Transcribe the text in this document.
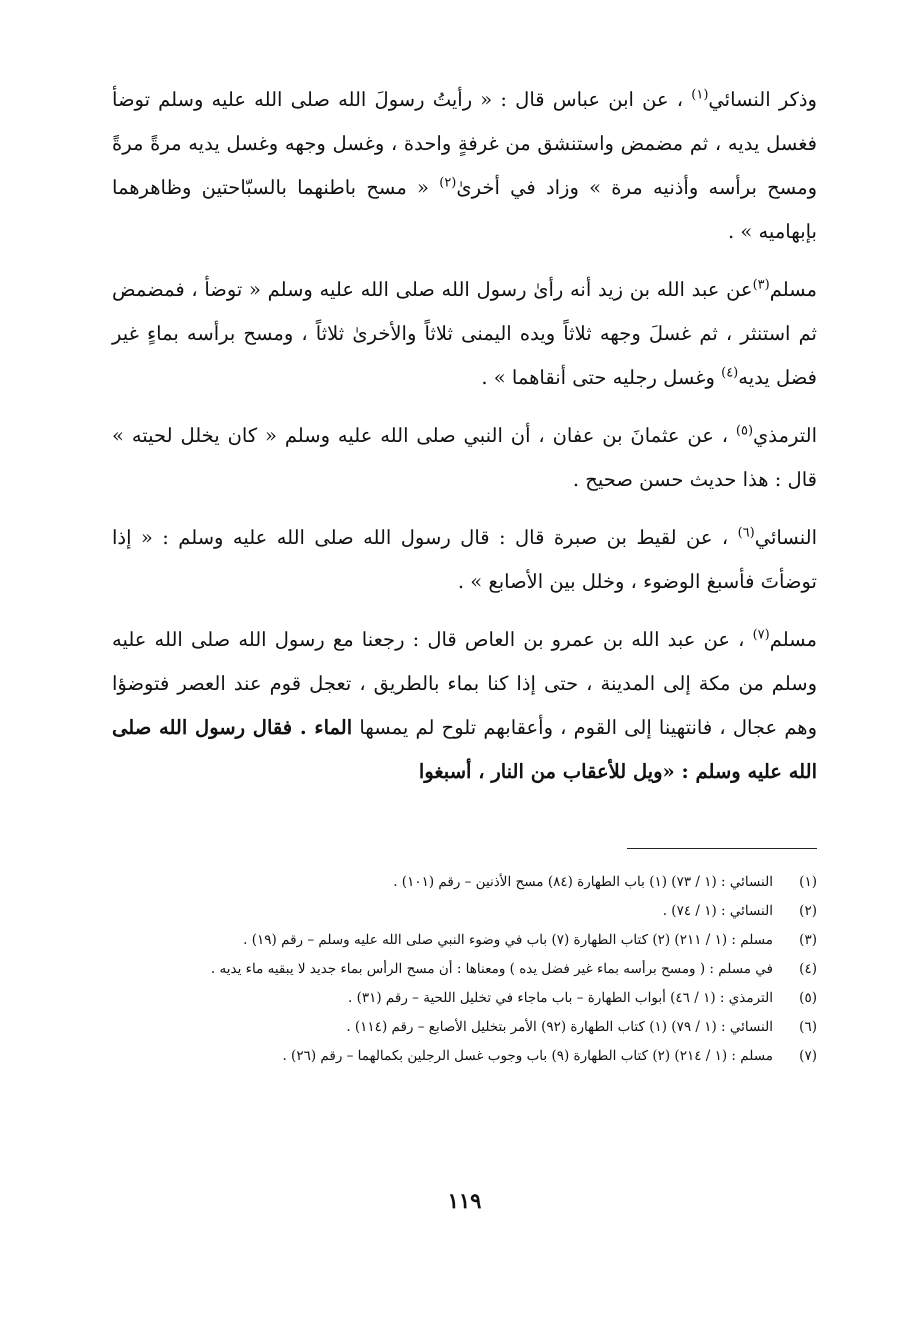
وذكر النسائي$^{(١)}$ ، عن ابن عباس قال : « رأيتُ رسولَ الله صلى الله عليه وسلم توضأ فغسل يديه ، ثم مضمض واستنشق من غرفةٍ واحدة ، وغسل وجهه وغسل يديه مرةً مرةً ومسح برأسه وأذنيه مرة » وزاد في أخرىٰ$^{(٢)}$ « مسح باطنهما بالسبّاحتين وظاهرهما بإبهاميه » .

مسلم$^{(٣)}$عن عبد الله بن زيد أنه رأىٰ رسول الله صلى الله عليه وسلم « توضأ ، فمضمض ثم استنثر ، ثم غسلَ وجهه ثلاثاً ويده اليمنى ثلاثاً والأخرىٰ ثلاثاً ، ومسح برأسه بماءٍ غير فضل يديه$^{(٤)}$ وغسل رجليه حتى أنقاهما » .

الترمذي$^{(٥)}$ ، عن عثمانَ بن عفان ، أن النبي صلى الله عليه وسلم « كان يخلل لحيته » قال : هذا حديث حسن صحيح .

النسائي$^{(٦)}$ ، عن لقيط بن صبرة قال : قال رسول الله صلى الله عليه وسلم : « إذا توضأتَ فأسبغ الوضوء ، وخلل بين الأصابع » .

مسلم$^{(٧)}$ ، عن عبد الله بن عمرو بن العاص قال : رجعنا مع رسول الله صلى الله عليه وسلم من مكة إلى المدينة ، حتى إذا كنا بماء بالطريق ، تعجل قوم عند العصر فتوضؤا وهم عجال ، فانتهينا إلى القوم ، وأعقابهم تلوح لم يمسها الماء . فقال رسول الله صلى الله عليه وسلم : «ويل للأعقاب من النار ، أسبغوا

(١)
النسائي : (١ / ٧٣) (١) باب الطهارة (٨٤) مسح الأذنين – رقم (١٠١) .
(٢)
النسائي : (١ / ٧٤) .
(٣)
مسلم : (١ / ٢١١) (٢) كتاب الطهارة (٧) باب في وضوء النبي صلى الله عليه وسلم – رقم (١٩) .
(٤)
في مسلم : ( ومسح برأسه بماء غير فضل يده ) ومعناها : أن مسح الرأس بماء جديد لا يبقيه ماء يديه .
(٥)
الترمذي : (١ / ٤٦) أبواب الطهارة – باب ماجاء في تخليل اللحية – رقم (٣١) .
(٦)
النسائي : (١ / ٧٩) (١) كتاب الطهارة (٩٢) الأمر بتخليل الأصابع – رقم (١١٤) .
(٧)
مسلم : (١ / ٢١٤) (٢) كتاب الطهارة (٩) باب وجوب غسل الرجلين بكمالهما – رقم (٢٦) .
١١٩
